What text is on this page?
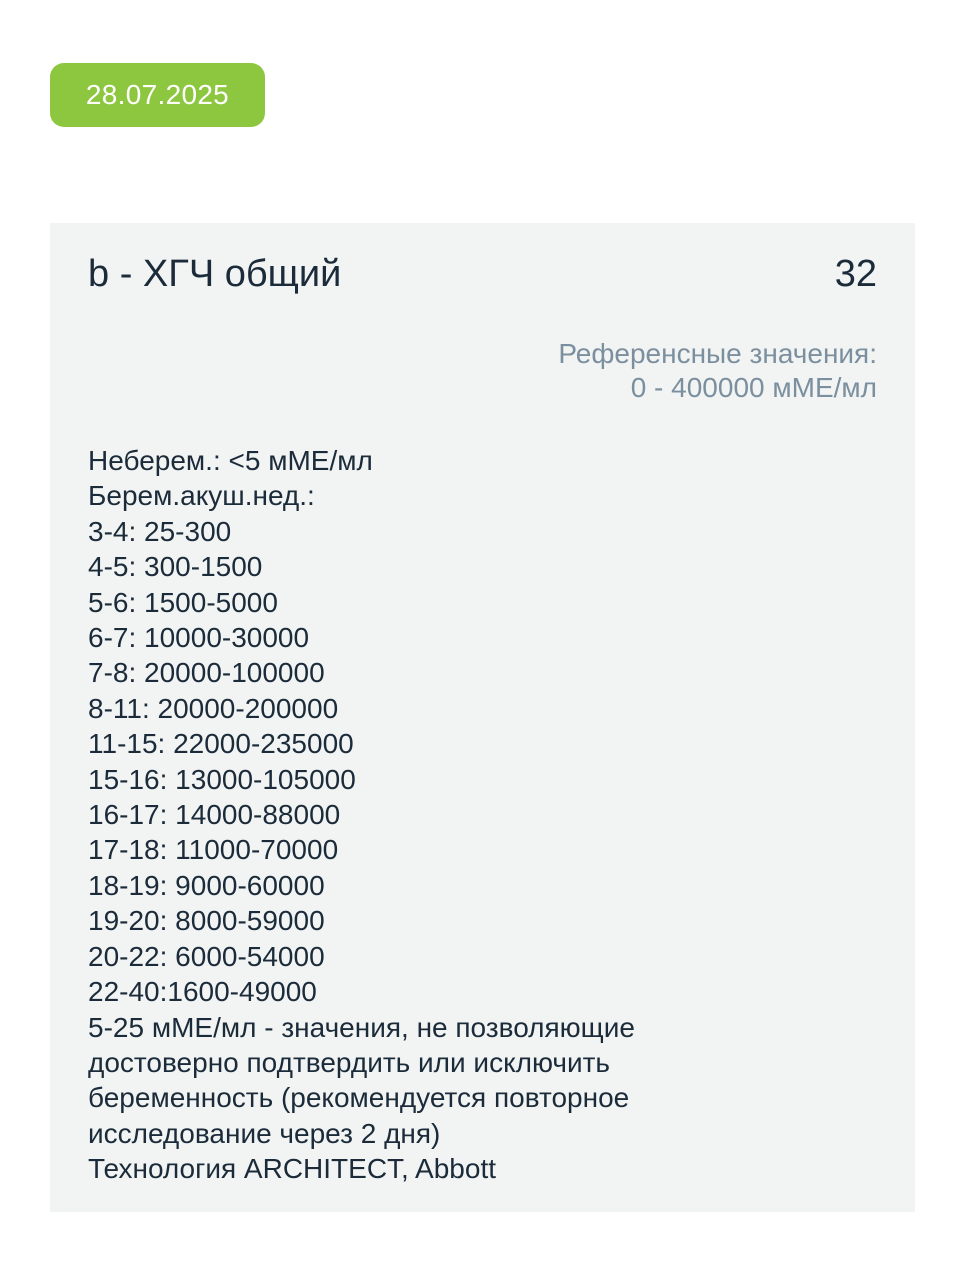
28.07.2025
b - ХГЧ общий	32
Референсные значения:
0 - 400000 мМЕ/мл
Неберем.: <5 мМЕ/мл
Берем.акуш.нед.:
3-4: 25-300
4-5: 300-1500
5-6: 1500-5000
6-7: 10000-30000
7-8: 20000-100000
8-11: 20000-200000
11-15: 22000-235000
15-16: 13000-105000
16-17: 14000-88000
17-18: 11000-70000
18-19: 9000-60000
19-20: 8000-59000
20-22: 6000-54000
22-40:1600-49000
5-25 мМЕ/мл - значения, не позволяющие
достоверно подтвердить или исключить
беременность (рекомендуется повторное
исследование через 2 дня)
Технология ARCHITECT, Abbott
